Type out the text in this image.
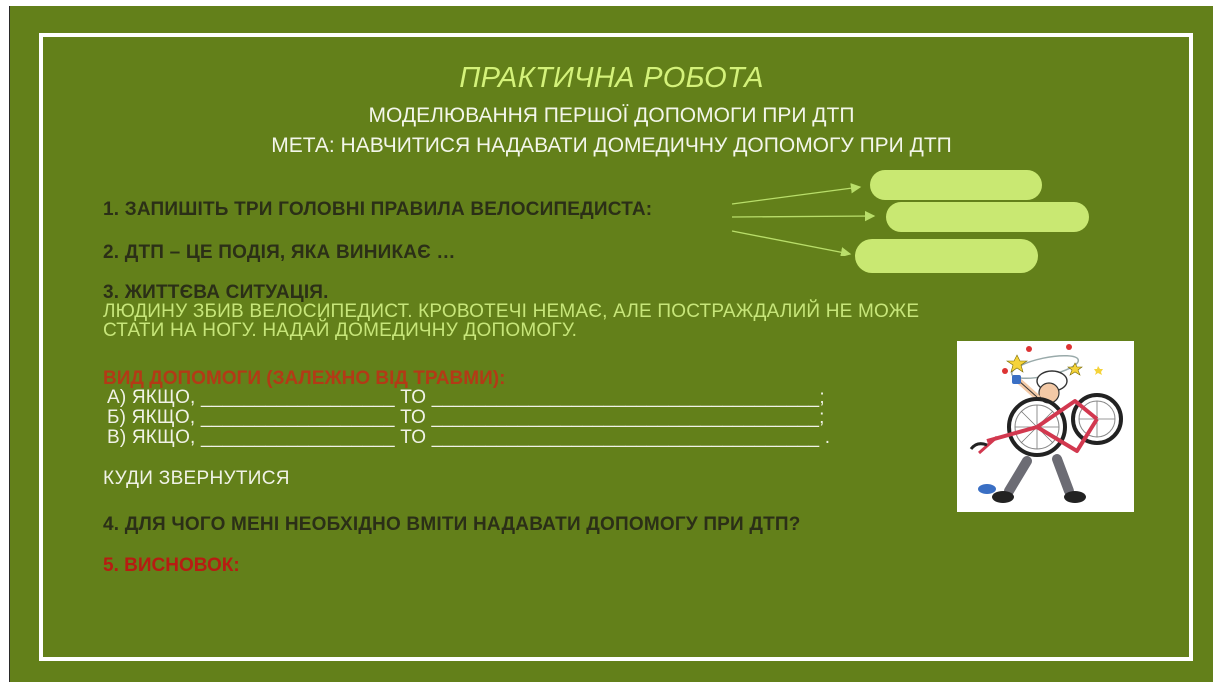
ПРАКТИЧНА РОБОТА
МОДЕЛЮВАННЯ ПЕРШОЇ ДОПОМОГИ ПРИ ДТП
МЕТА: НАВЧИТИСЯ НАДАВАТИ ДОМЕДИЧНУ ДОПОМОГУ ПРИ ДТП
1. ЗАПИШІТЬ ТРИ ГОЛОВНІ ПРАВИЛА ВЕЛОСИПЕДИСТА:
2. ДТП – ЦЕ ПОДІЯ, ЯКА ВИНИКАЄ …
3. ЖИТТЄВА СИТУАЦІЯ.
ЛЮДИНУ ЗБИВ ВЕЛОСИПЕДИСТ. КРОВОТЕЧІ НЕМАЄ, АЛЕ ПОСТРАЖДАЛИЙ НЕ МОЖЕ
СТАТИ НА НОГУ. НАДАЙ ДОМЕДИЧНУ ДОПОМОГУ.
ВИД ДОПОМОГИ (ЗАЛЕЖНО ВІД ТРАВМИ):
А) ЯКЩО, __________________ ТО ____________________________________;
Б) ЯКЩО, __________________ ТО ____________________________________;
В) ЯКЩО, __________________ ТО ____________________________________ .
КУДИ ЗВЕРНУТИСЯ
4. ДЛЯ ЧОГО МЕНІ НЕОБХІДНО ВМІТИ НАДАВАТИ ДОПОМОГУ ПРИ ДТП?
5. ВИСНОВОК:
